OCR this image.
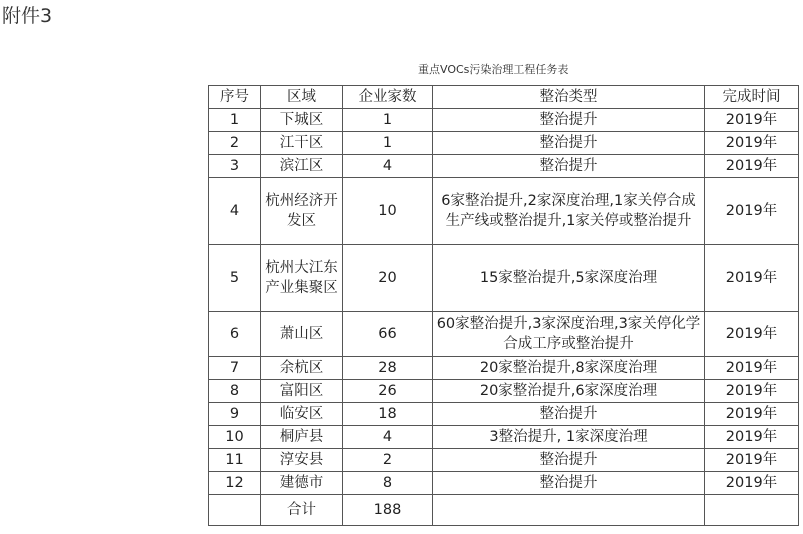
附件3
重点VOCs污染治理工程任务表
序号	区域	企业家数	整治类型	完成时间
1	下城区	1	整治提升	2019年
2	江干区	1	整治提升	2019年
3	滨江区	4	整治提升	2019年
4	杭州经济开发区	10	6家整治提升,2家深度治理,1家关停合成生产线或整治提升,1家关停或整治提升	2019年
5	杭州大江东产业集聚区	20	15家整治提升,5家深度治理	2019年
6	萧山区	66	60家整治提升,3家深度治理,3家关停化学合成工序或整治提升	2019年
7	余杭区	28	20家整治提升,8家深度治理	2019年
8	富阳区	26	20家整治提升,6家深度治理	2019年
9	临安区	18	整治提升	2019年
10	桐庐县	4	3整治提升, 1家深度治理	2019年
11	淳安县	2	整治提升	2019年
12	建德市	8	整治提升	2019年
	合计	188		
